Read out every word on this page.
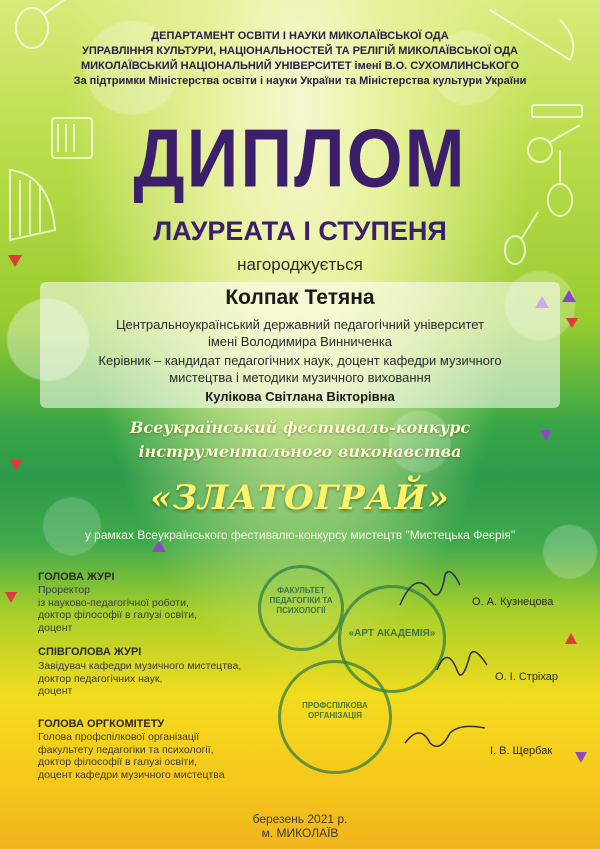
ДЕПАРТАМЕНТ ОСВІТИ І НАУКИ МИКОЛАЇВСЬКОЇ ОДА
УПРАВЛІННЯ КУЛЬТУРИ, НАЦІОНАЛЬНОСТЕЙ ТА РЕЛІГІЙ МИКОЛАЇВСЬКОЇ ОДА
МИКОЛАЇВСЬКИЙ НАЦІОНАЛЬНИЙ УНІВЕРСИТЕТ імені В.О. СУХОМЛИНСЬКОГО
За підтримки Міністерства освіти і науки України та Міністерства культури України
ДИПЛОМ
ЛАУРЕАТА І СТУПЕНЯ
нагороджується
Колпак Тетяна
Центральноукраїнський державний педагогічний університет
імені Володимира Винниченка
Керівник – кандидат педагогічних наук, доцент кафедри музичного
мистецтва і методики музичного виховання
Кулікова Світлана Вікторівна
Всеукраїнський фестиваль-конкурс
інструментального виконавства
«ЗЛАТОГРАЙ»
у рамках Всеукраїнського фестивалю-конкурсу мистецтв "Мистецька Феєрія"
ФАКУЛЬТЕТ ПЕДАГОГІКИ ТА ПСИХОЛОГІЇ
«АРТ АКАДЕМІЯ»
ПРОФСПІЛКОВА ОРГАНІЗАЦІЯ
ГОЛОВА ЖУРІ
Проректор
із науково-педагогічної роботи,
доктор філософії в галузі освіти,
доцент
О. А. Кузнецова
СПІВГОЛОВА ЖУРІ
Завідувач кафедри музичного мистецтва,
доктор педагогічних наук,
доцент
О. І. Стріхар
ГОЛОВА ОРГКОМІТЕТУ
Голова профспілкової організації
факультету педагогіки та психології,
доктор філософії в галузі освіти,
доцент кафедри музичного мистецтва
І. В. Щербак
березень 2021 р.
м. МИКОЛАЇВ
